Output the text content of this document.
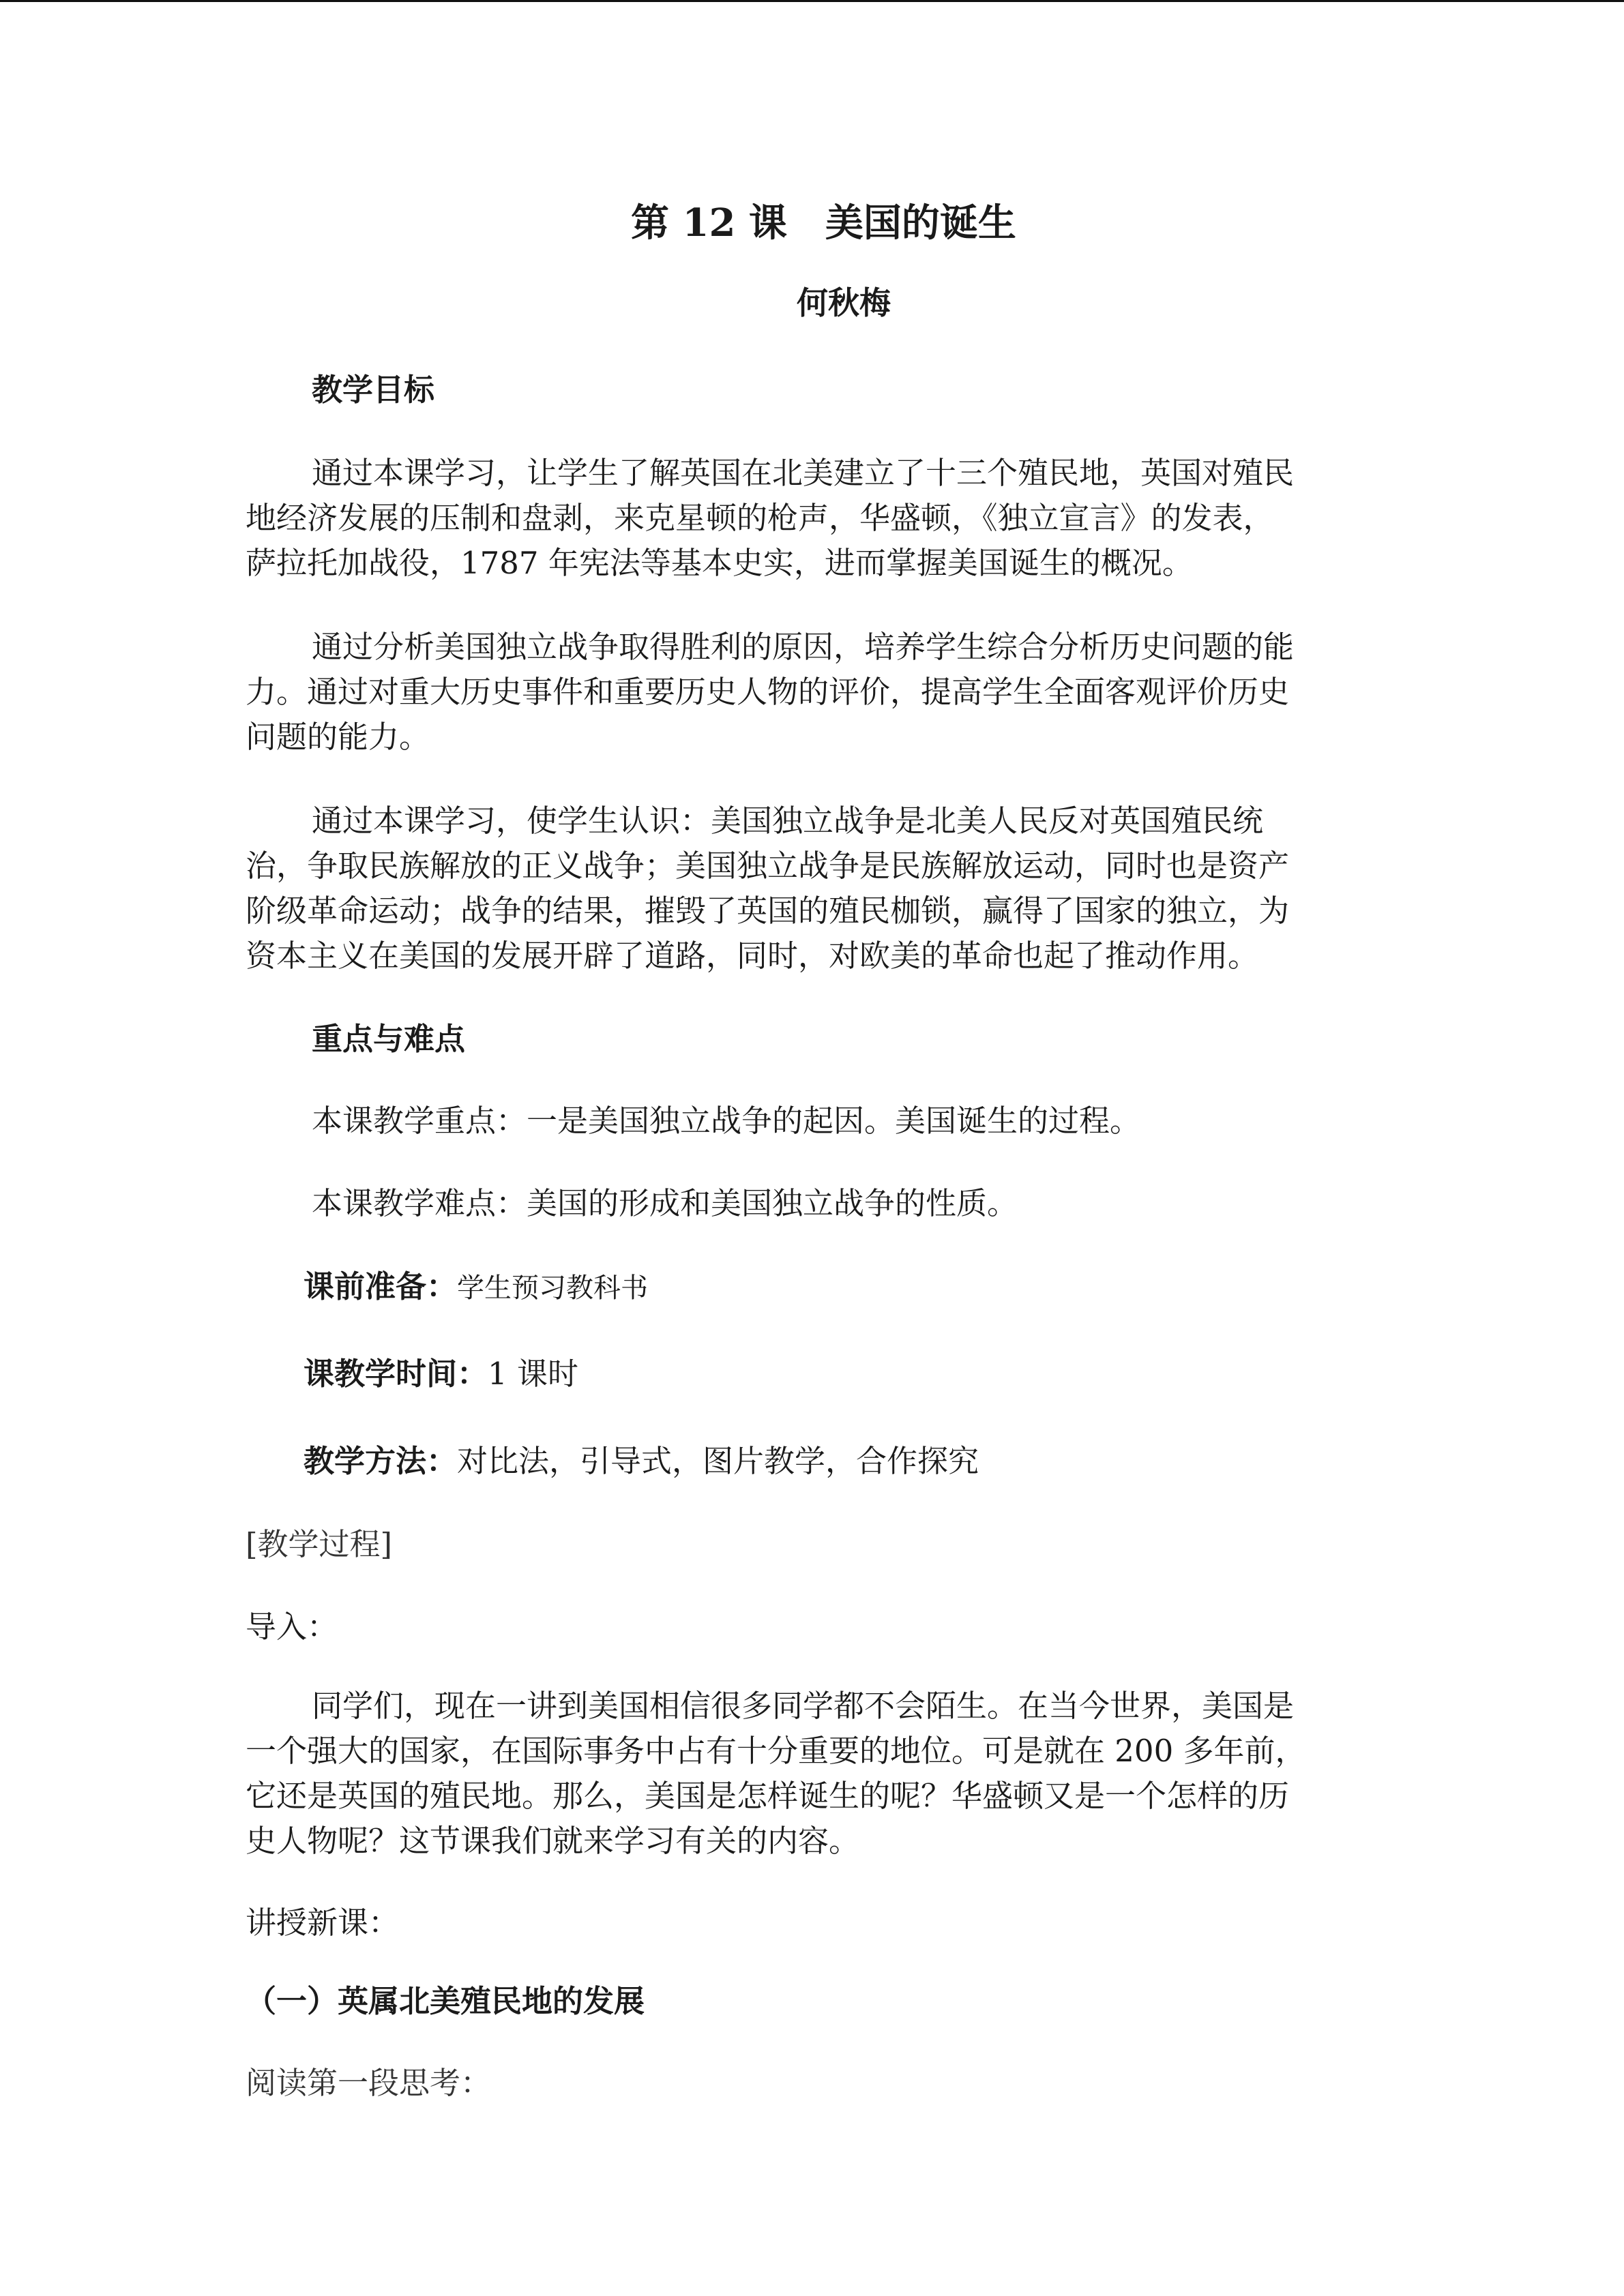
第 12 课　美国的诞生
何秋梅
教学目标
通过本课学习，让学生了解英国在北美建立了十三个殖民地，英国对殖民
地经济发展的压制和盘剥，来克星顿的枪声，华盛顿，《独立宣言》的发表，
萨拉托加战役，1787 年宪法等基本史实，进而掌握美国诞生的概况。
通过分析美国独立战争取得胜利的原因，培养学生综合分析历史问题的能
力。通过对重大历史事件和重要历史人物的评价，提高学生全面客观评价历史
问题的能力。
通过本课学习，使学生认识：美国独立战争是北美人民反对英国殖民统
治，争取民族解放的正义战争；美国独立战争是民族解放运动，同时也是资产
阶级革命运动；战争的结果，摧毁了英国的殖民枷锁，赢得了国家的独立，为
资本主义在美国的发展开辟了道路，同时，对欧美的革命也起了推动作用。
重点与难点
本课教学重点：一是美国独立战争的起因。美国诞生的过程。
本课教学难点：美国的形成和美国独立战争的性质。
课前准备：学生预习教科书
课教学时间：1 课时
教学方法：对比法，引导式，图片教学，合作探究
[教学过程]
导入：
同学们，现在一讲到美国相信很多同学都不会陌生。在当今世界，美国是
一个强大的国家，在国际事务中占有十分重要的地位。可是就在 200 多年前，
它还是英国的殖民地。那么，美国是怎样诞生的呢？华盛顿又是一个怎样的历
史人物呢？这节课我们就来学习有关的内容。
讲授新课：
（一）英属北美殖民地的发展
阅读第一段思考：
